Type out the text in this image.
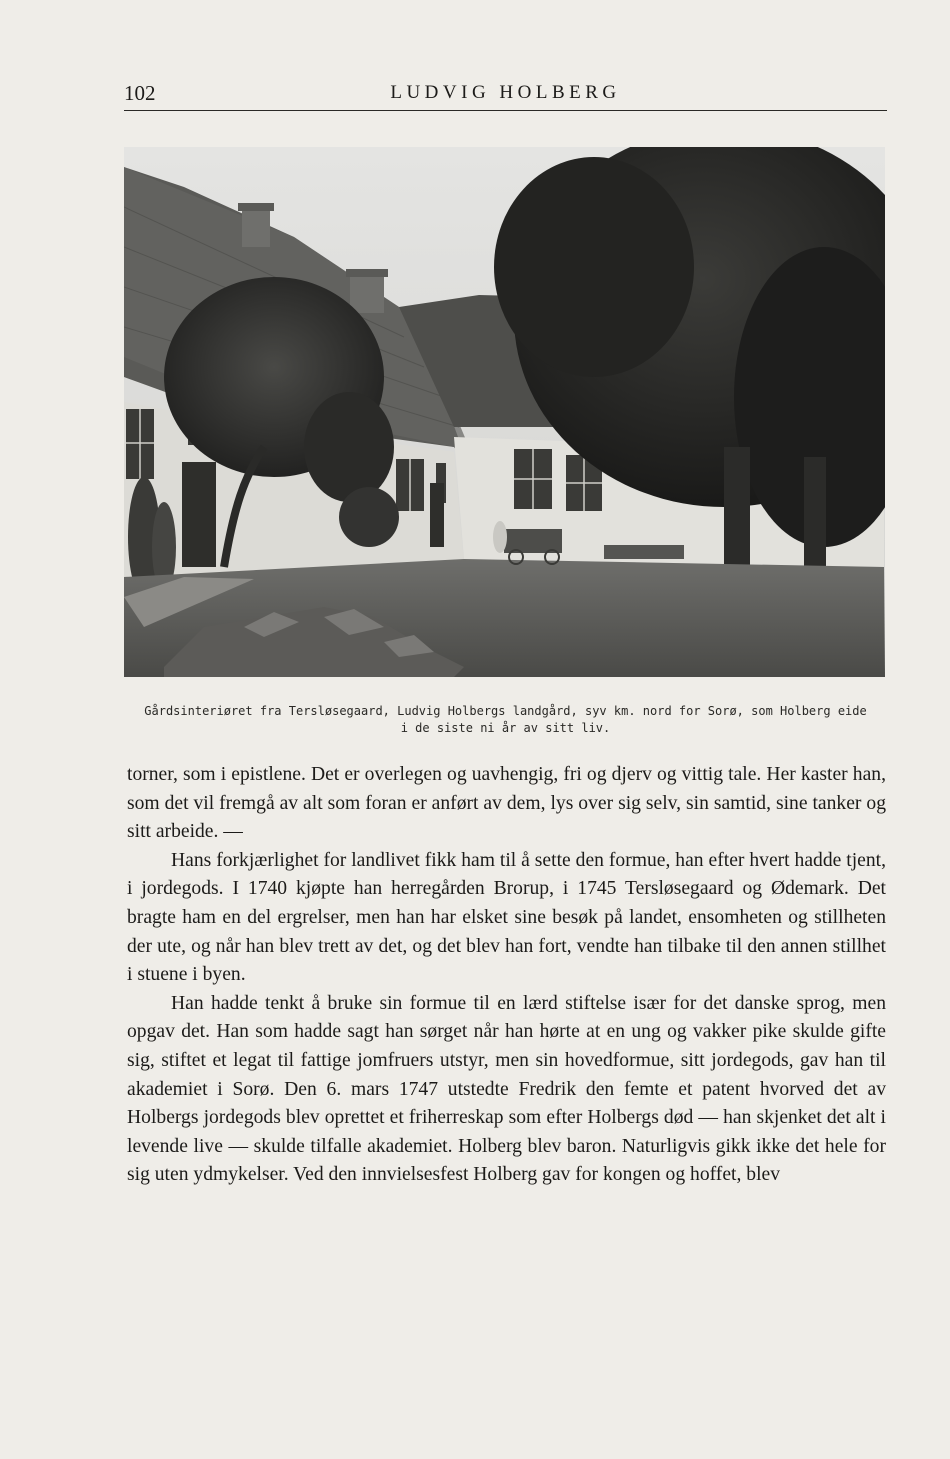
102	LUDVIG HOLBERG
Gårdsinteriøret fra Tersløsegaard, Ludvig Holbergs landgård, syv km. nord for Sorø, som Holberg eide
i de siste ni år av sitt liv.

torner, som i epistlene. Det er overlegen og uavhengig, fri og djerv og vittig tale. Her kaster han, som det vil fremgå av alt som foran er anført av dem, lys over sig selv, sin samtid, sine tanker og sitt arbeide. —

Hans forkjærlighet for landlivet fikk ham til å sette den formue, han efter hvert hadde tjent, i jordegods. I 1740 kjøpte han herregården Brorup, i 1745 Tersløsegaard og Ødemark. Det bragte ham en del ergrelser, men han har elsket sine besøk på landet, ensomheten og stillheten der ute, og når han blev trett av det, og det blev han fort, vendte han tilbake til den annen stillhet i stuene i byen.

Han hadde tenkt å bruke sin formue til en lærd stiftelse især for det danske sprog, men opgav det. Han som hadde sagt han sørget når han hørte at en ung og vakker pike skulde gifte sig, stiftet et legat til fattige jomfruers utstyr, men sin hovedformue, sitt jordegods, gav han til akademiet i Sorø. Den 6. mars 1747 utstedte Fredrik den femte et patent hvorved det av Holbergs jordegods blev oprettet et friherreskap som efter Holbergs død — han skjenket det alt i levende live — skulde tilfalle akademiet. Holberg blev baron. Naturligvis gikk ikke det hele for sig uten ydmykelser. Ved den innvielsesfest Holberg gav for kongen og hoffet, blev
